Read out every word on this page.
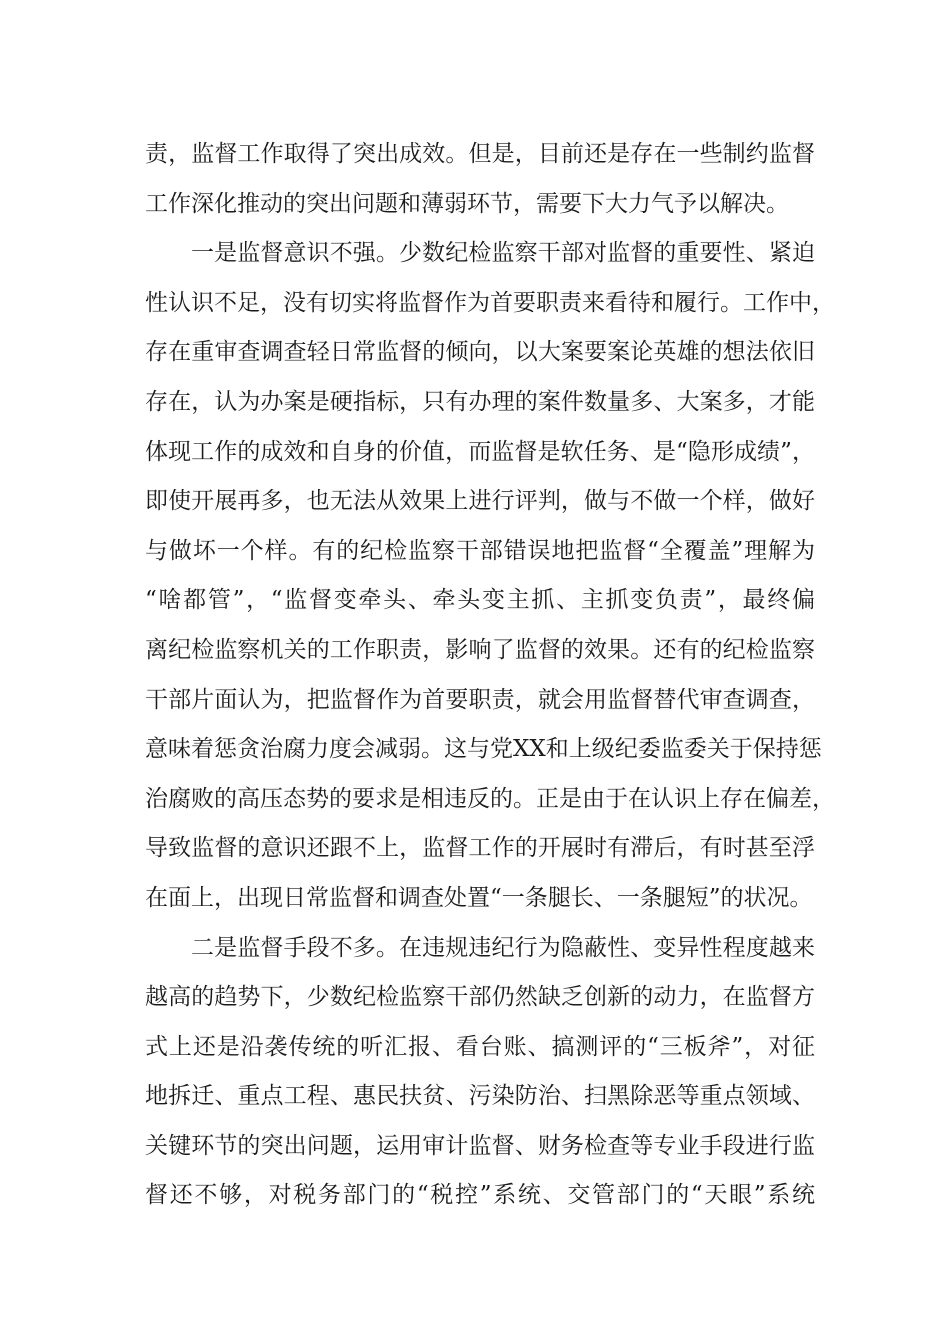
责，监督工作取得了突出成效。但是，目前还是存在一些制约监督
工作深化推动的突出问题和薄弱环节，需要下大力气予以解决。
一是监督意识不强。少数纪检监察干部对监督的重要性、紧迫
性认识不足，没有切实将监督作为首要职责来看待和履行。工作中，
存在重审查调查轻日常监督的倾向，以大案要案论英雄的想法依旧
存在，认为办案是硬指标，只有办理的案件数量多、大案多，才能
体现工作的成效和自身的价值，而监督是软任务、是“隐形成绩”，
即使开展再多，也无法从效果上进行评判，做与不做一个样，做好
与做坏一个样。有的纪检监察干部错误地把监督“全覆盖”理解为
“啥都管”，“监督变牵头、牵头变主抓、主抓变负责”，最终偏
离纪检监察机关的工作职责，影响了监督的效果。还有的纪检监察
干部片面认为，把监督作为首要职责，就会用监督替代审查调查，
意味着惩贪治腐力度会减弱。这与党XX和上级纪委监委关于保持惩
治腐败的高压态势的要求是相违反的。正是由于在认识上存在偏差，
导致监督的意识还跟不上，监督工作的开展时有滞后，有时甚至浮
在面上，出现日常监督和调查处置“一条腿长、一条腿短”的状况。
二是监督手段不多。在违规违纪行为隐蔽性、变异性程度越来
越高的趋势下，少数纪检监察干部仍然缺乏创新的动力，在监督方
式上还是沿袭传统的听汇报、看台账、搞测评的“三板斧”，对征
地拆迁、重点工程、惠民扶贫、污染防治、扫黑除恶等重点领域、
关键环节的突出问题，运用审计监督、财务检查等专业手段进行监
督还不够，对税务部门的“税控”系统、交管部门的“天眼”系统
